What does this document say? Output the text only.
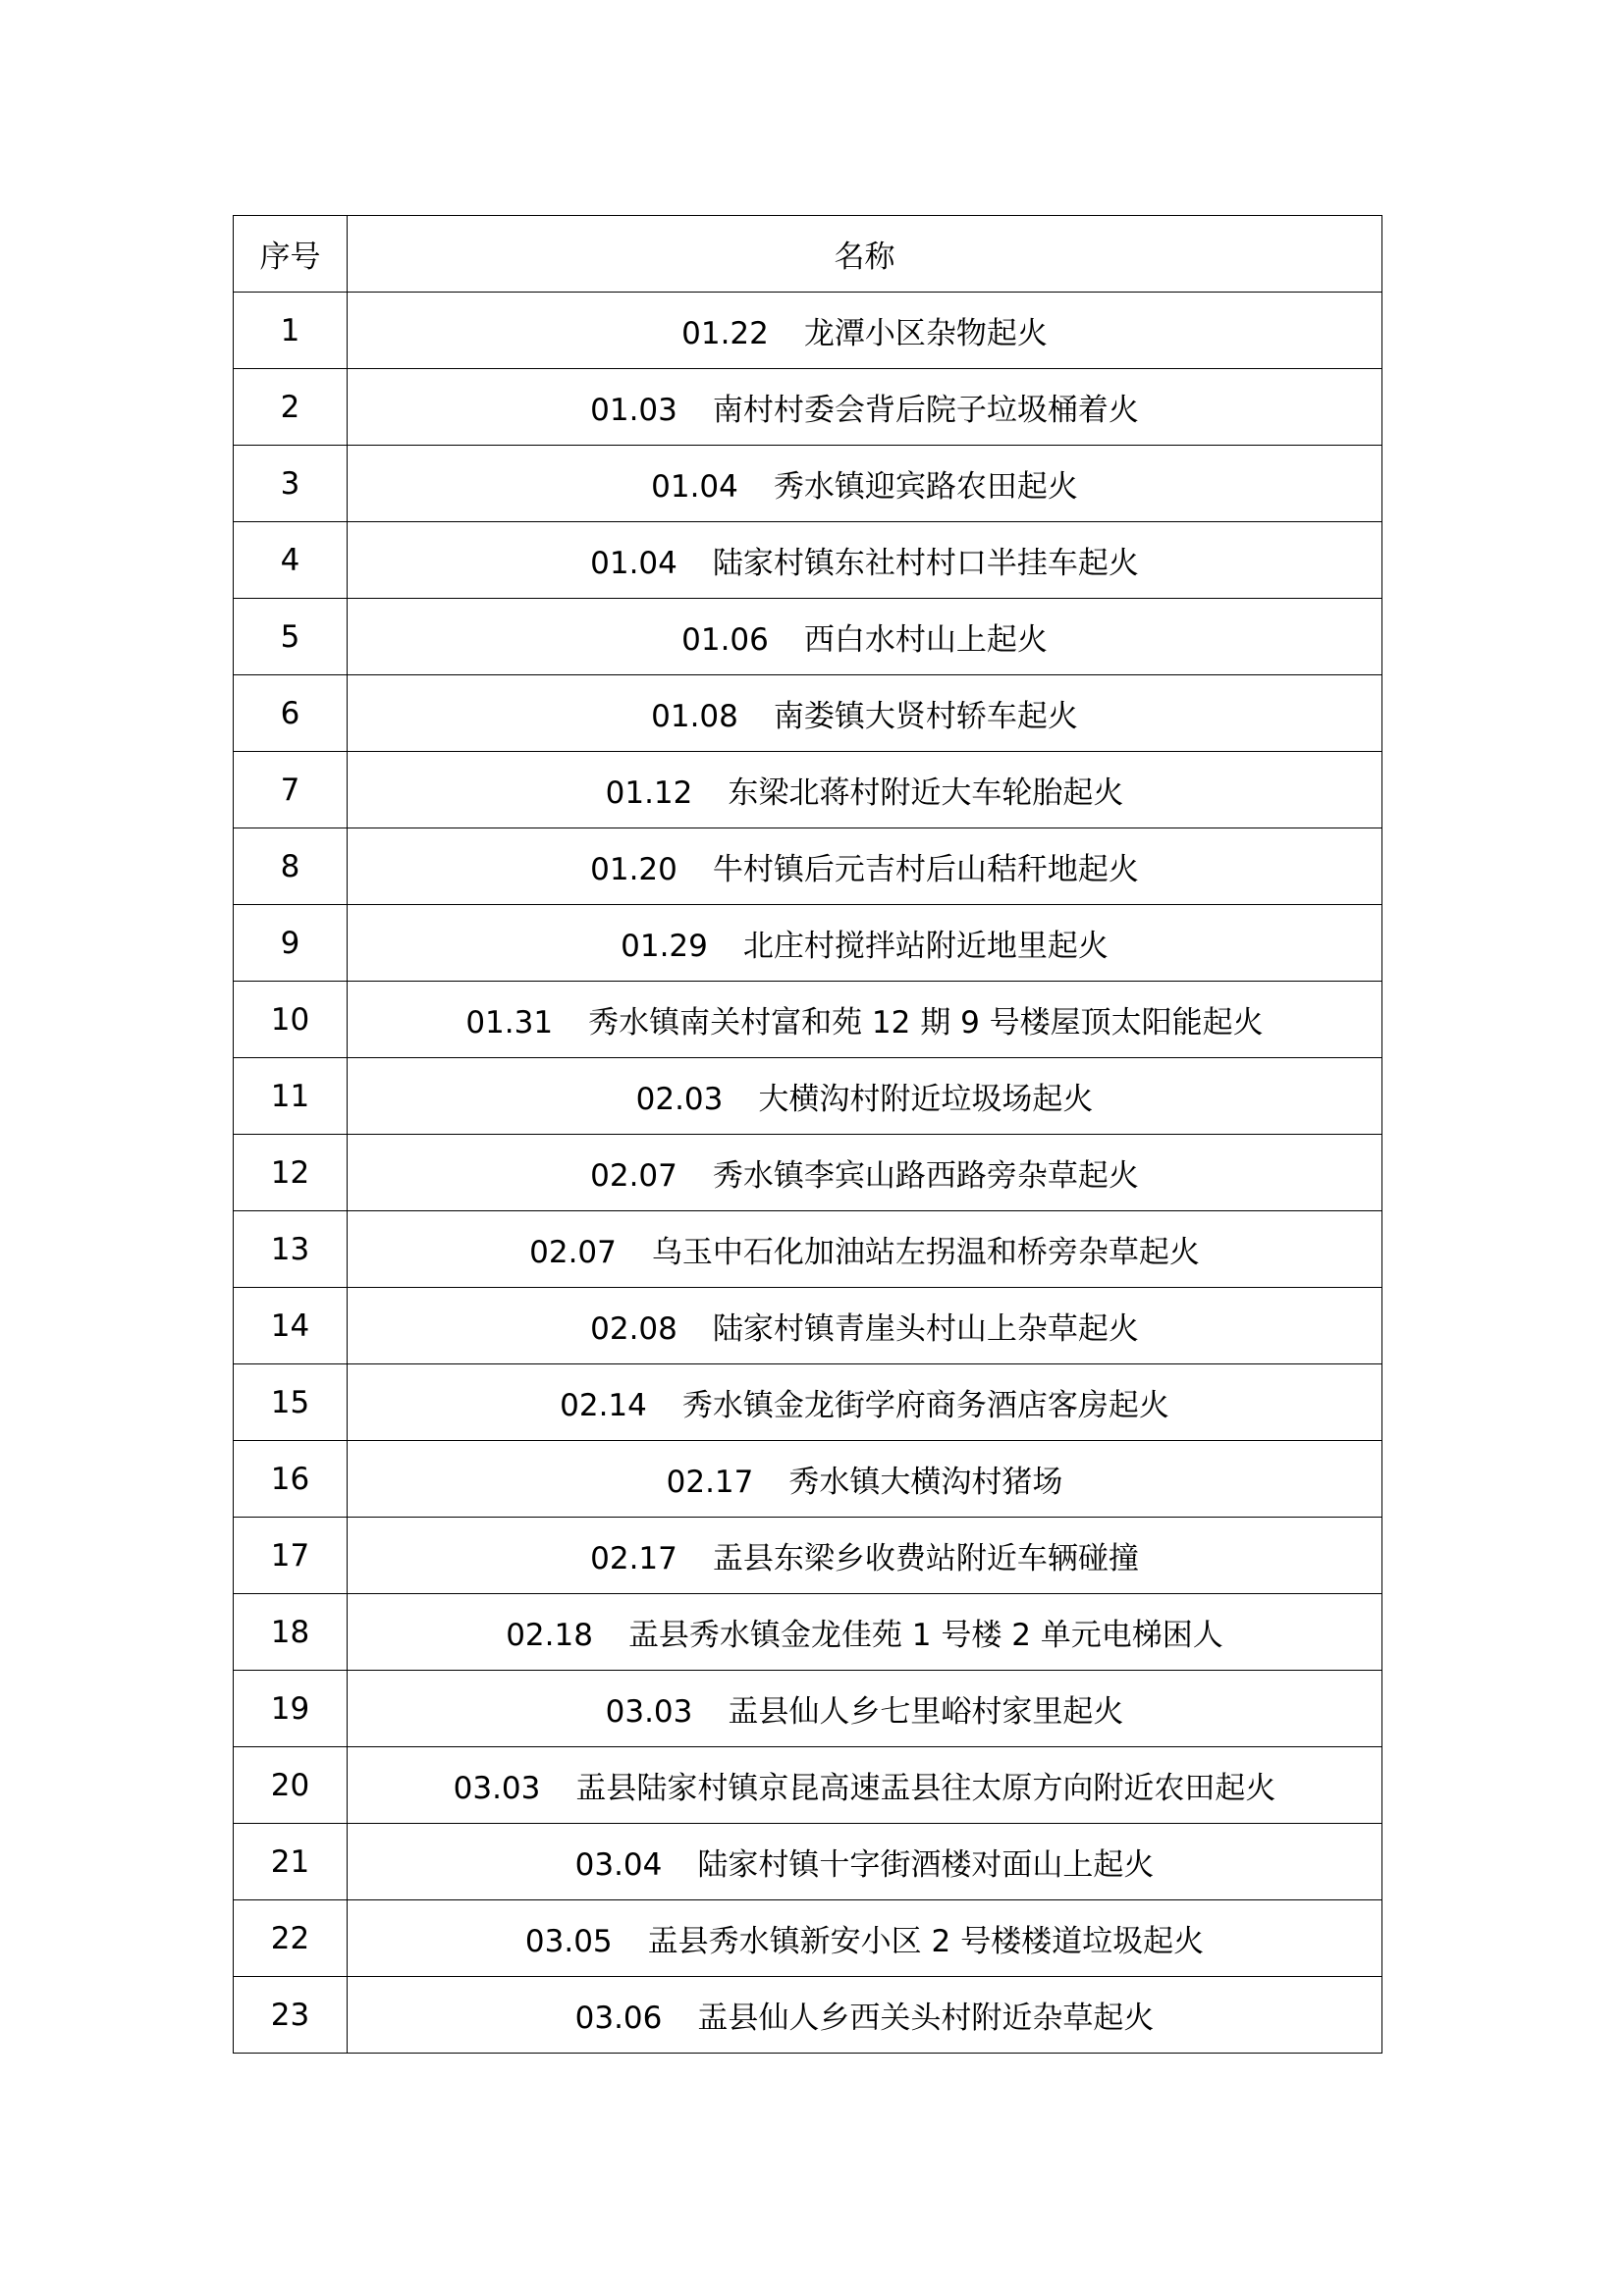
序号	名称
1	01.22 龙潭小区杂物起火
2	01.03 南村村委会背后院子垃圾桶着火
3	01.04 秀水镇迎宾路农田起火
4	01.04 陆家村镇东社村村口半挂车起火
5	01.06 西白水村山上起火
6	01.08 南娄镇大贤村轿车起火
7	01.12 东梁北蒋村附近大车轮胎起火
8	01.20 牛村镇后元吉村后山秸秆地起火
9	01.29 北庄村搅拌站附近地里起火
10	01.31 秀水镇南关村富和苑 12 期 9 号楼屋顶太阳能起火
11	02.03 大横沟村附近垃圾场起火
12	02.07 秀水镇李宾山路西路旁杂草起火
13	02.07 乌玉中石化加油站左拐温和桥旁杂草起火
14	02.08 陆家村镇青崖头村山上杂草起火
15	02.14 秀水镇金龙街学府商务酒店客房起火
16	02.17 秀水镇大横沟村猪场
17	02.17 盂县东梁乡收费站附近车辆碰撞
18	02.18 盂县秀水镇金龙佳苑 1 号楼 2 单元电梯困人
19	03.03 盂县仙人乡七里峪村家里起火
20	03.03 盂县陆家村镇京昆高速盂县往太原方向附近农田起火
21	03.04 陆家村镇十字街酒楼对面山上起火
22	03.05 盂县秀水镇新安小区 2 号楼楼道垃圾起火
23	03.06 盂县仙人乡西关头村附近杂草起火
